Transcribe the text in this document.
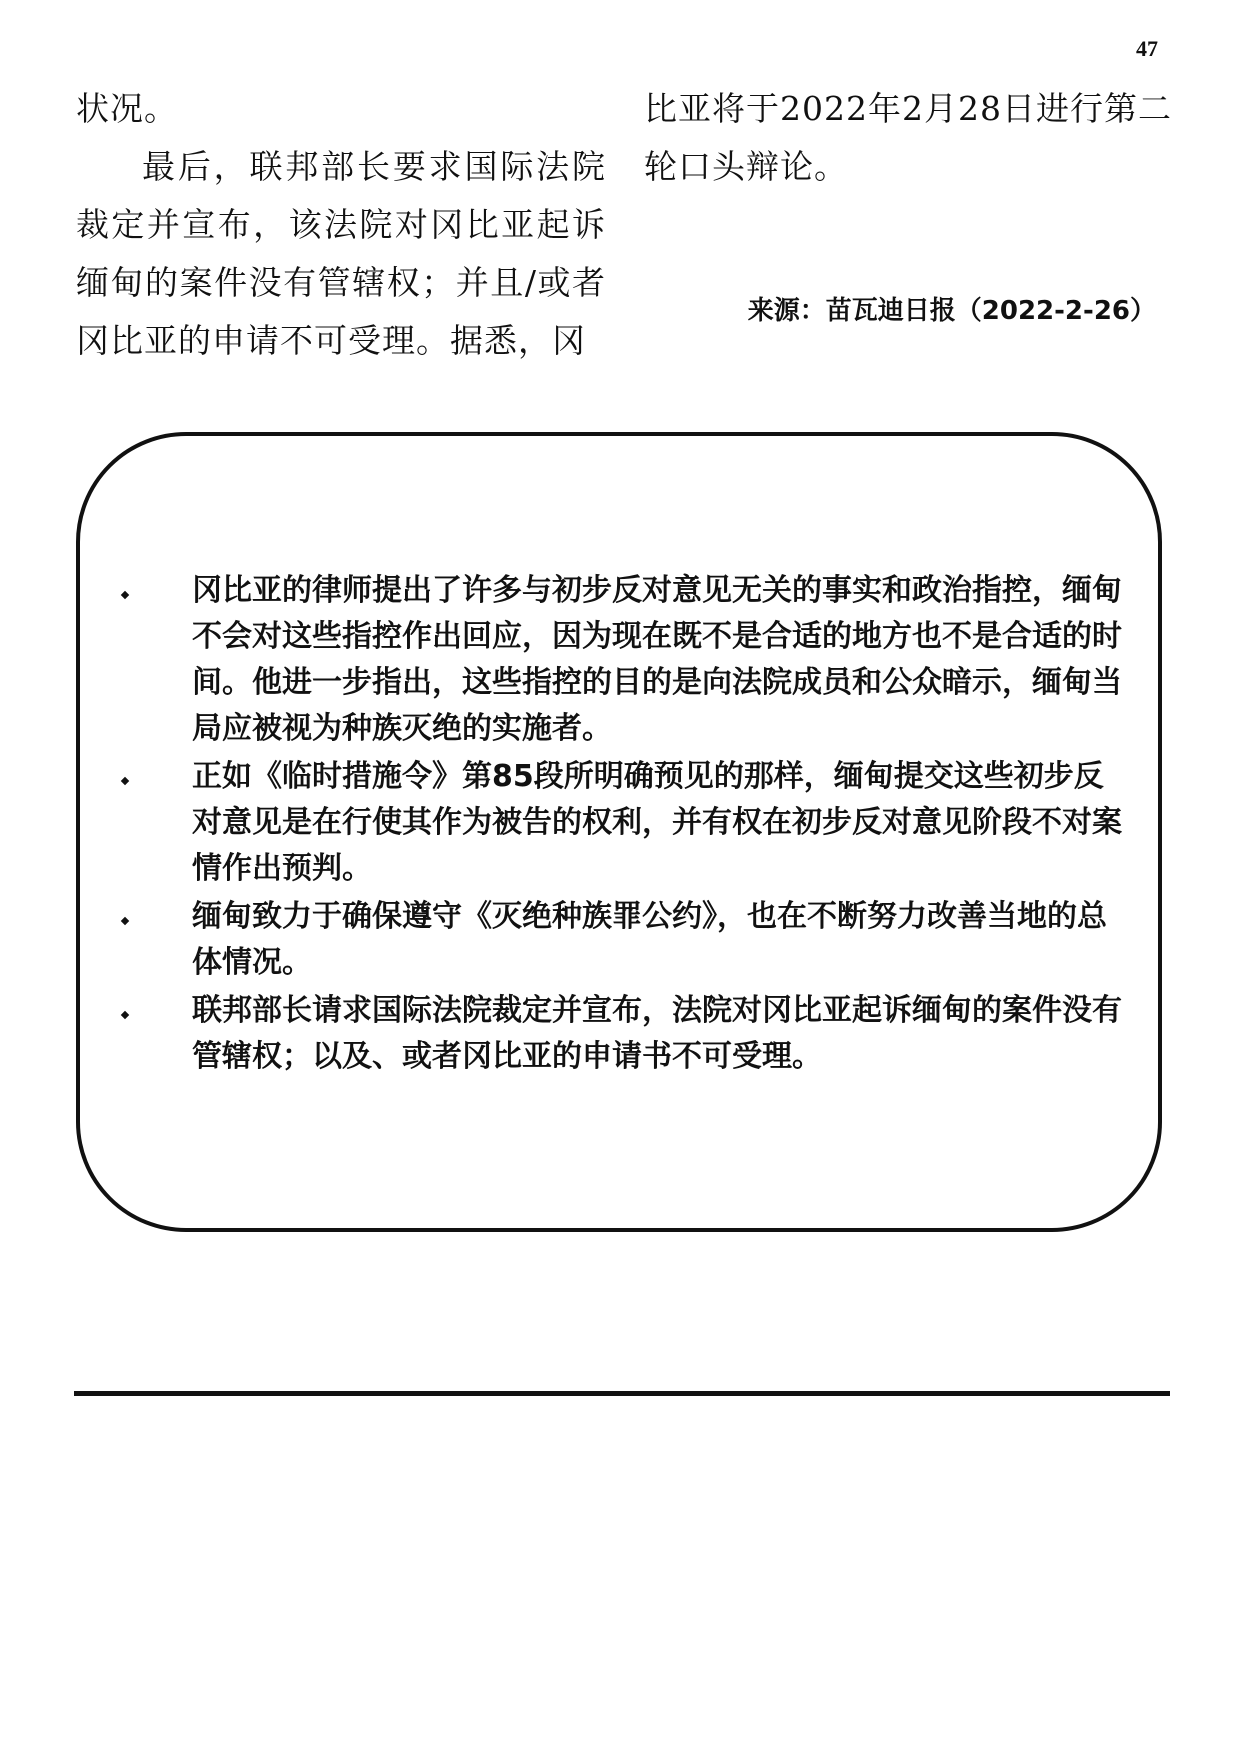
47

状况。

最后，联邦部长要求国际法院裁定并宣布，该法院对冈比亚起诉缅甸的案件没有管辖权；并且/或者冈比亚的申请不可受理。据悉，冈

比亚将于2022年2月28日进行第二轮口头辩论。

来源：苗瓦迪日报（2022-2-26）
冈比亚的律师提出了许多与初步反对意见无关的事实和政治指控，缅甸不会对这些指控作出回应，因为现在既不是合适的地方也不是合适的时间。他进一步指出，这些指控的目的是向法院成员和公众暗示，缅甸当局应被视为种族灭绝的实施者。
正如《临时措施令》第85段所明确预见的那样，缅甸提交这些初步反对意见是在行使其作为被告的权利，并有权在初步反对意见阶段不对案情作出预判。
缅甸致力于确保遵守《灭绝种族罪公约》，也在不断努力改善当地的总体情况。
联邦部长请求国际法院裁定并宣布，法院对冈比亚起诉缅甸的案件没有管辖权；以及、或者冈比亚的申请书不可受理。
